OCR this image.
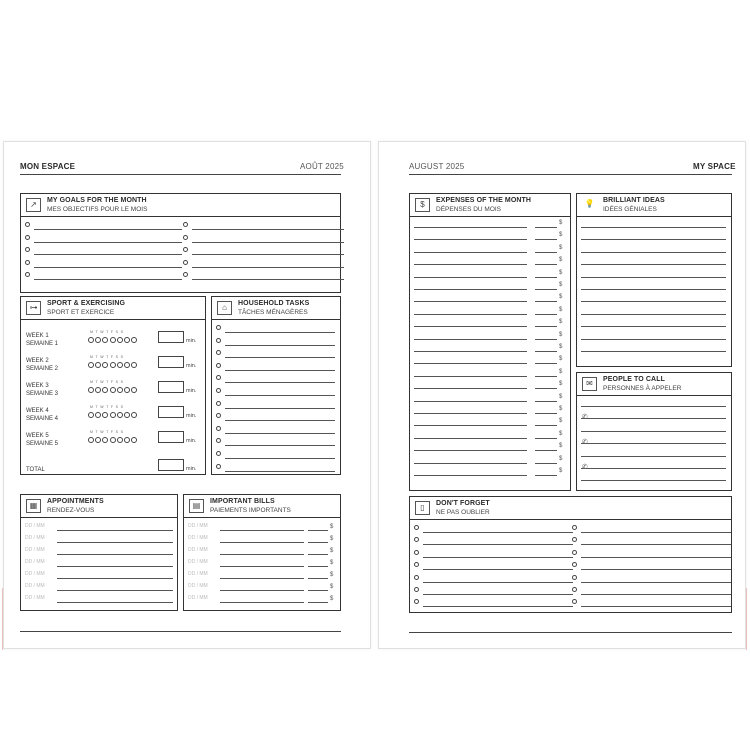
MON ESPACE	AOÛT 2025
↗	MY GOALS FOR THE MONTH
MES OBJECTIFS POUR LE MOIS
⊶	SPORT & EXERCISING
SPORT ET EXERCICE
WEEK 1
SEMAINE 1
MTWTFSS
min.
WEEK 2
SEMAINE 2
MTWTFSS
min.
WEEK 3
SEMAINE 3
MTWTFSS
min.
WEEK 4
SEMAINE 4
MTWTFSS
min.
WEEK 5
SEMAINE 5
MTWTFSS
min.
TOTAL	min.
⌂	HOUSEHOLD TASKS
TÂCHES MÉNAGÈRES
▦	APPOINTMENTS
RENDEZ-VOUS
DD / MM
DD / MM
DD / MM
DD / MM
DD / MM
DD / MM
DD / MM
▤	IMPORTANT BILLS
PAIEMENTS IMPORTANTS
DD / MM	$
DD / MM	$
DD / MM	$
DD / MM	$
DD / MM	$
DD / MM	$
DD / MM	$
AUGUST 2025	MY SPACE
$	EXPENSES OF THE MONTH
DÉPENSES DU MOIS
$
$
$
$
$
$
$
$
$
$
$
$
$
$
$
$
$
$
$
$
$
💡	BRILLIANT IDEAS
IDÉES GÉNIALES
✉	PEOPLE TO CALL
PERSONNES À APPELER
✆
✆
✆
▯	DON'T FORGET
NE PAS OUBLIER
